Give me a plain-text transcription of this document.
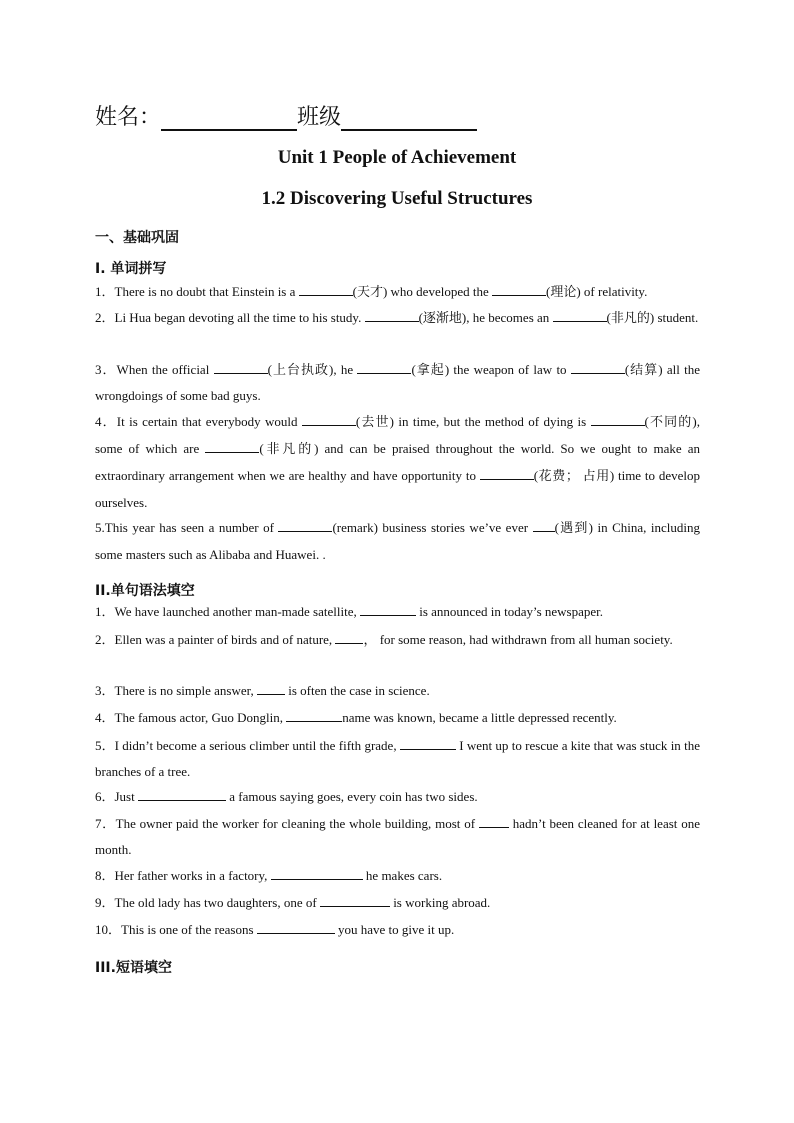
姓名：	班级
Unit 1 People of Achievement
1.2 Discovering Useful Structures
一、基础巩固
I. 单词拼写
1．There is no doubt that Einstein is a	(天才) who developed the	(理论) of relativity.
2．Li Hua began devoting all the time to his study.	(逐渐地), he becomes an	(非凡的) student.
3．When the official	(上台执政), he	(拿起) the weapon of law to	(结算) all the wrongdoings of some bad guys.
4．It is certain that everybody would	(去世) in time, but the method of dying is	(不同的), some of which are	(非凡的) and can be praised throughout the world. So we ought to make an extraordinary arrangement when we are healthy and have opportunity to	(花费； 占用) time to develop ourselves.
5.This year has seen a number of	(remark) business stories we’ve ever (遇到) in China, including some masters such as Alibaba and Huawei. .
II.单句语法填空
1．We have launched another man-made satellite,	is announced in today’s newspaper.
2．Ellen was a painter of birds and of nature, ， for some reason, had withdrawn from all human society.
3．There is no simple answer,  is often the case in science.
4．The famous actor, Guo Donglin,	name was known, became a little depressed recently.
5．I didn’t become a serious climber until the fifth grade,	I went up to rescue a kite that was stuck in the branches of a tree.
6．Just	a famous saying goes, every coin has two sides.
7．The owner paid the worker for cleaning the whole building, most of  hadn’t been cleaned for at least one month.
8．Her father works in a factory,	he makes cars.
9．The old lady has two daughters, one of	is working abroad.
10．This is one of the reasons	you have to give it up.
III.短语填空
